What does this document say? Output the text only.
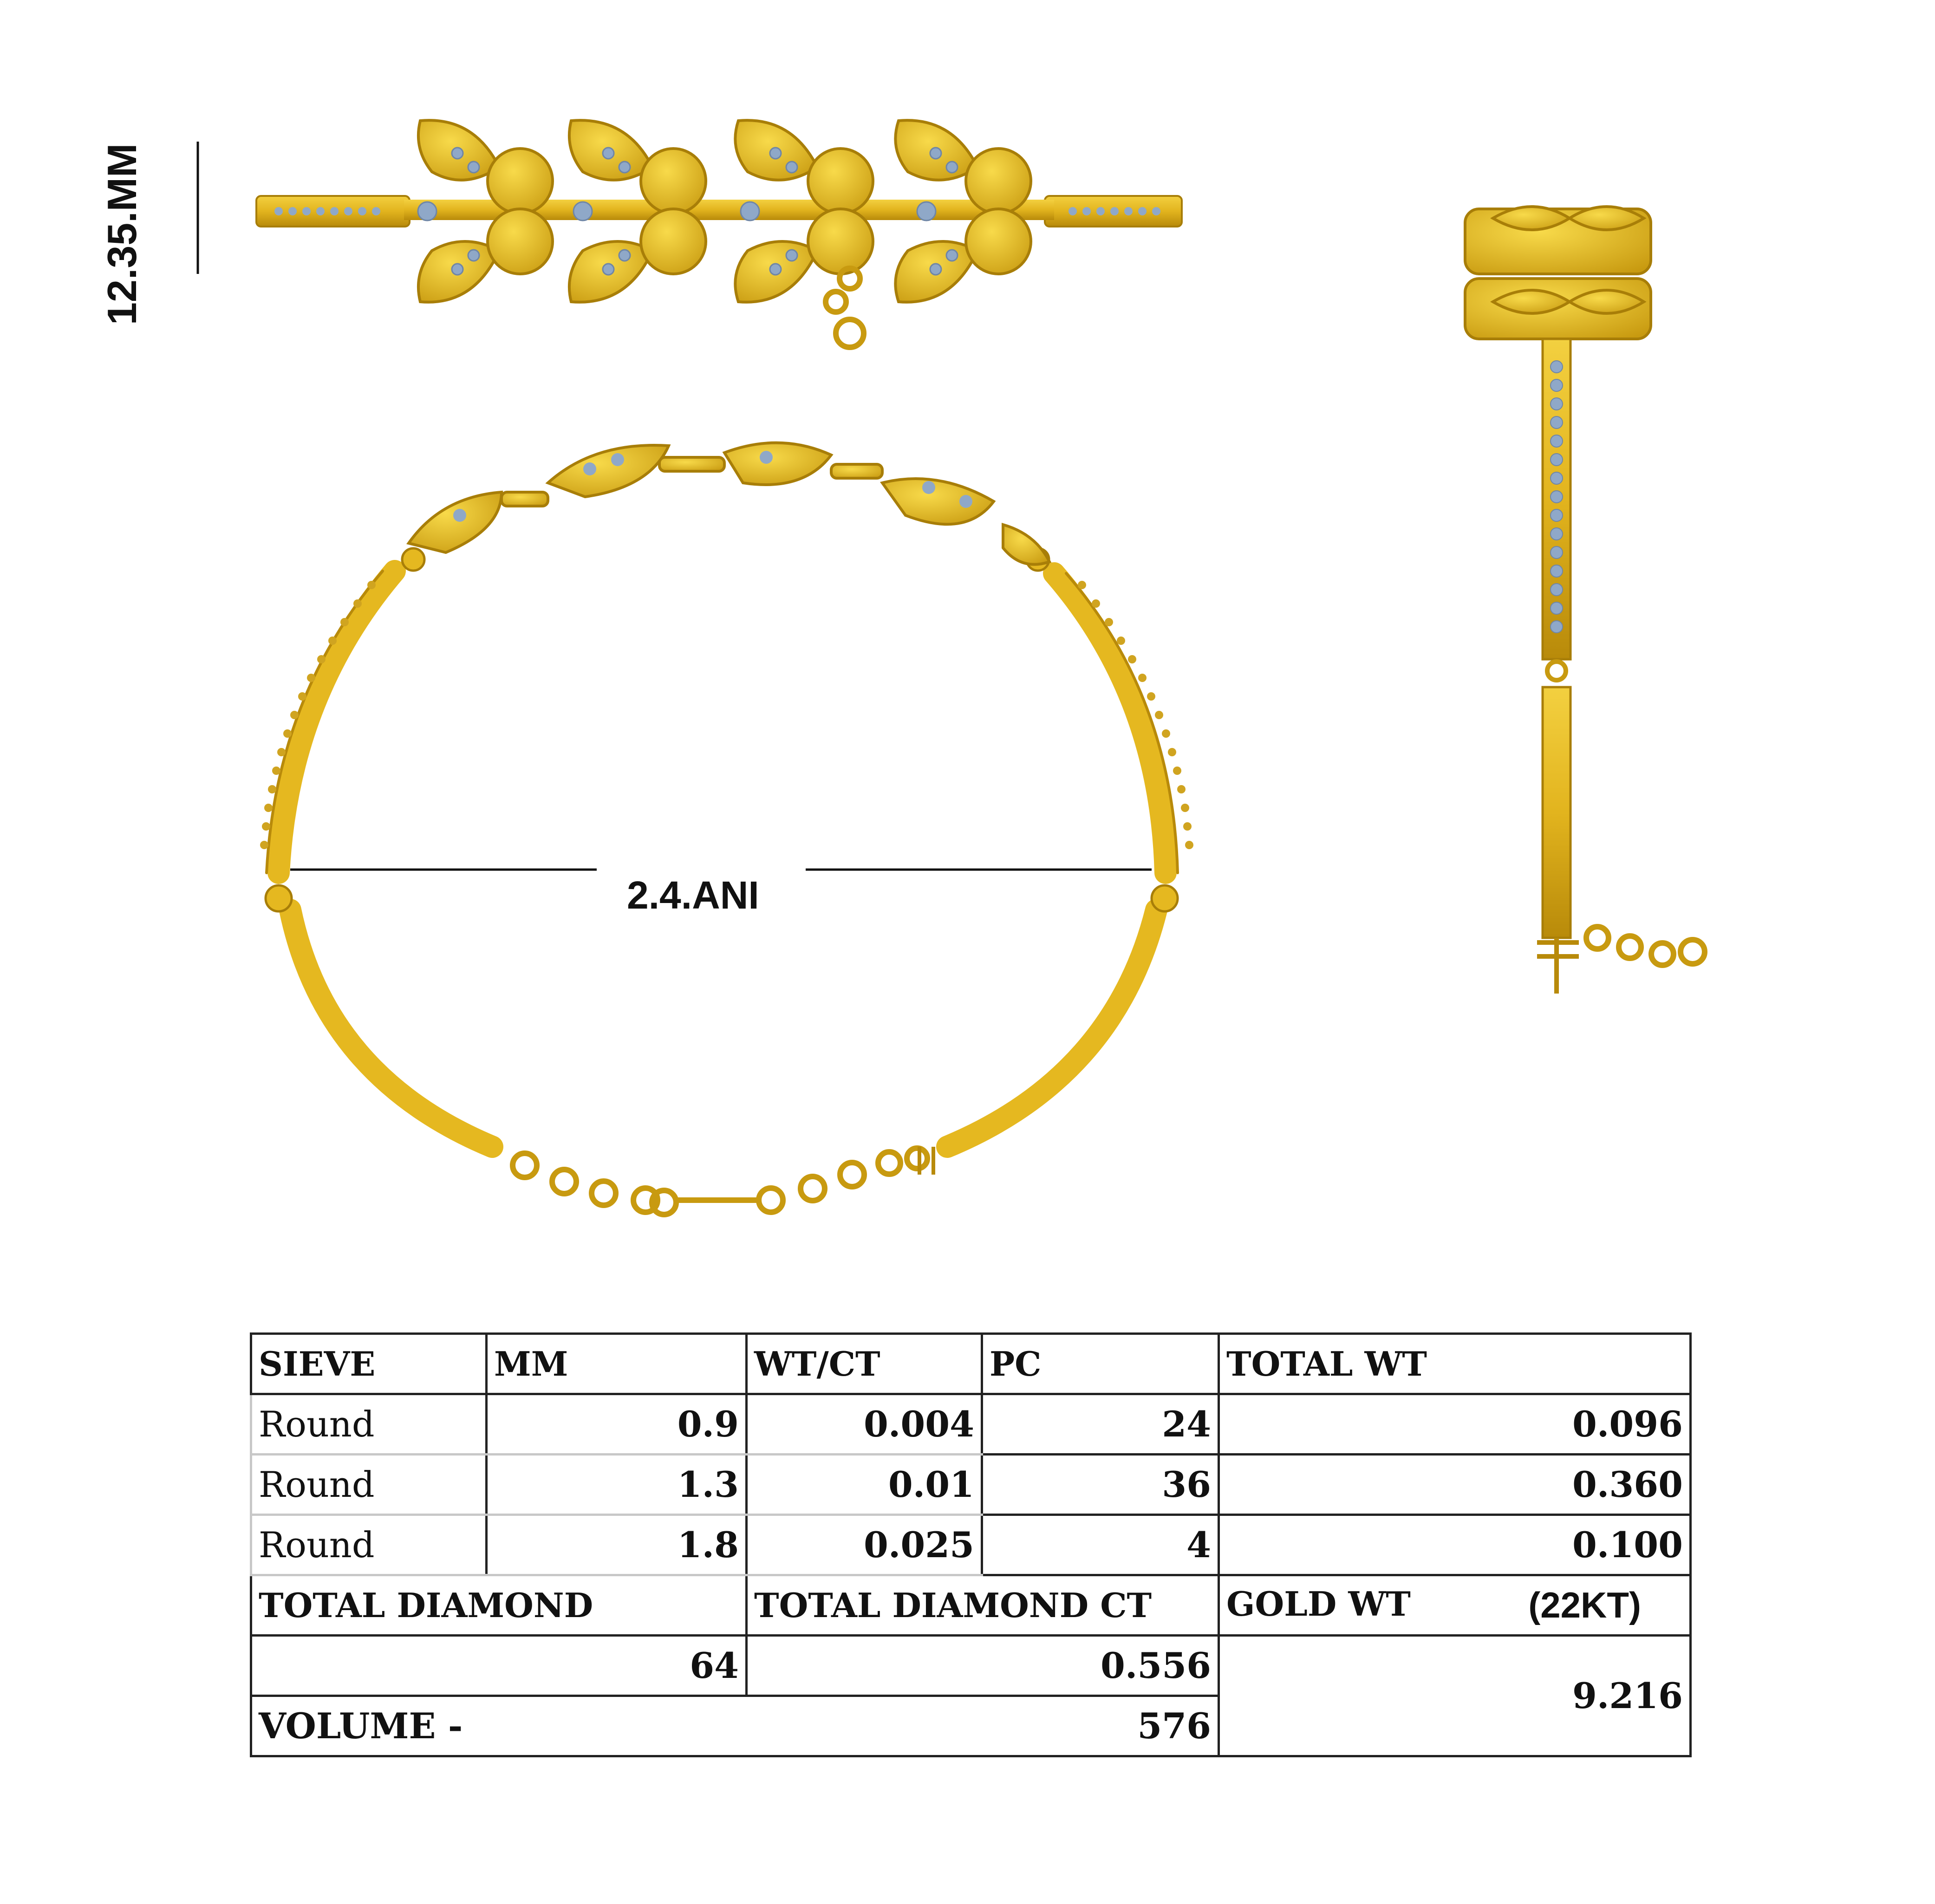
12.35.MM
2.4.ANI
SIEVE	MM	WT/CT	PC	TOTAL WT
Round	0.9	0.004	24	0.096
Round	1.3	0.01	36	0.360
Round	1.8	0.025	4	0.100
TOTAL DIAMOND		TOTAL DIAMOND CT		GOLD WT (22KT)

64		0.556		9.216
VOLUME -		576		
